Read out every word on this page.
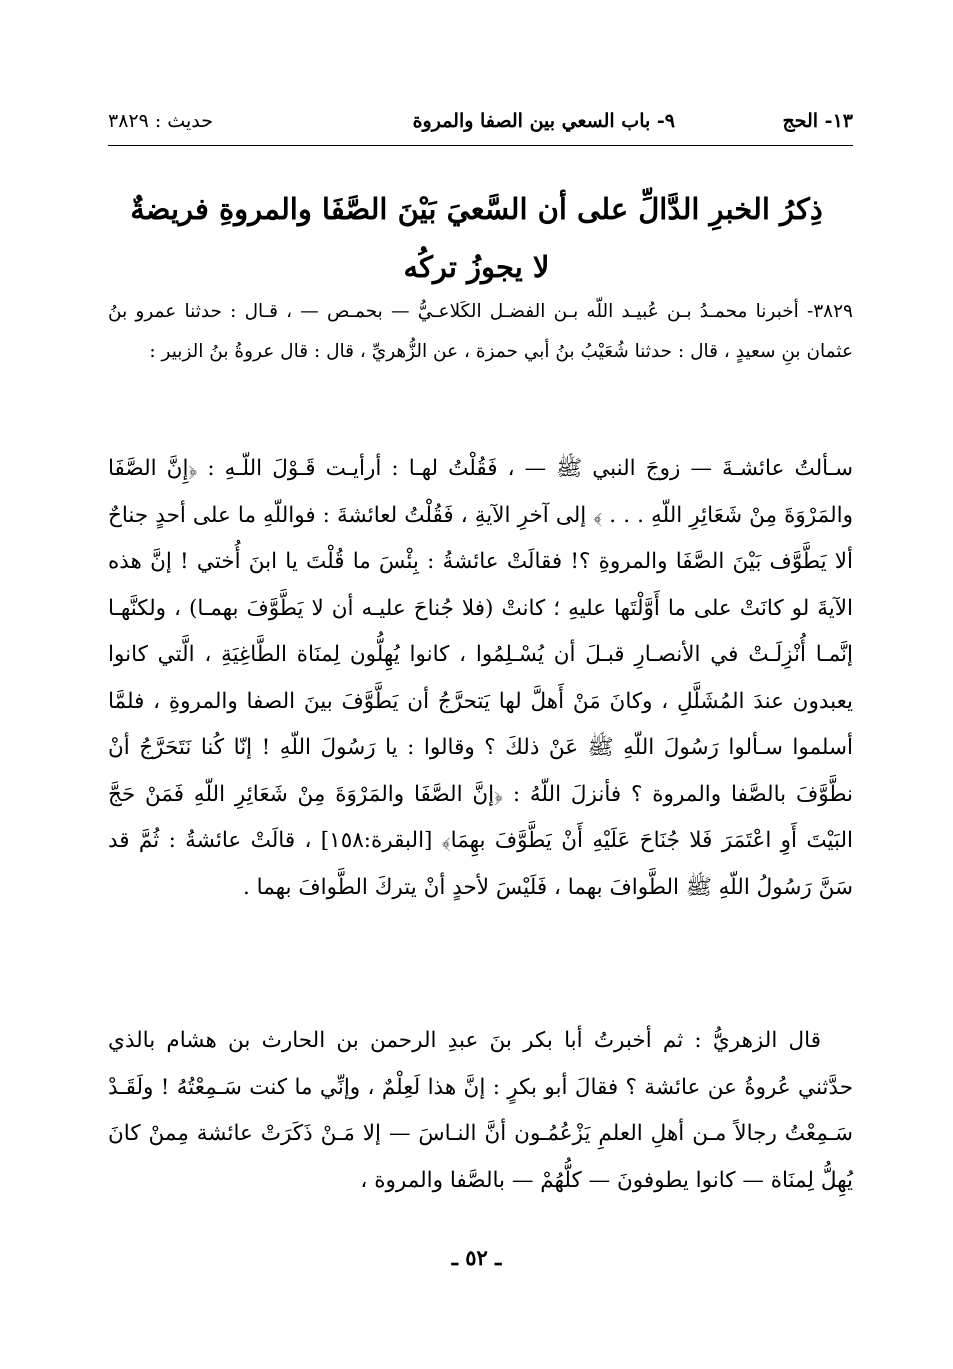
١٣- الحج
٩- باب السعي بين الصفا والمروة
حديث : ٣٨٢٩
ذِكرُ الخبرِ الدَّالِّ على أن السَّعيَ بَيْنَ الصَّفَا والمروةِ فريضةٌ
لا يجوزُ تركُه

٣٨٢٩- أخبرنا محمـدُ بـن عُبيـد اللّه بـن الفضـل الكَلاعـيُّ — بحمـص — ، قـال : حدثنا عمرو بنُ عثمان بنِ سعيدٍ ، قال : حدثنا شُعَيْبُ بنُ أبي حمزة ، عن الزُّهريِّ ، قال : قال عروةُ بنُ الزبير :

سـألتُ عائشـةَ — زوجَ النبي ﷺ — ، فَقُلْتُ لهـا : أرأيـت قَـوْلَ اللّـهِ : ﴿إِنَّ الصَّفَا والمَرْوَةَ مِنْ شَعَائِرِ اللّهِ . . . ﴾ إلى آخرِ الآيةِ ، فَقُلْتُ لعائشةَ : فواللّهِ ما على أحدٍ جناحٌ ألا يَطَّوَّف بَيْنَ الصَّفَا والمروةِ ؟! فقالَتْ عائشةُ : بِئْسَ ما قُلْتَ يا ابنَ أُختي ! إنَّ هذه الآيةَ لو كانَتْ على ما أَوَّلْتَها عليهِ ؛ كانتْ (فلا جُناحَ عليـه أن لا يَطَّوَّفَ بهمـا) ، ولكنَّهـا إنَّمـا أُنْزِلَـتْ في الأنصـارِ قبـلَ أن يُسْـلِمُوا ، كانوا يُهِلُّون لِمنَاة الطَّاغِيَةِ ، الَّتي كانوا يعبدون عندَ المُشَلَّلِ ، وكانَ مَنْ أَهلَّ لها يَتحرَّجُ أن يَطَّوَّفَ بينَ الصفا والمروةِ ، فلمَّا أسلموا سـألوا رَسُولَ اللّهِ ﷺ عَنْ ذلكَ ؟ وقالوا : يا رَسُولَ اللّهِ ! إنّا كُنا نَتَحَرَّجُ أنْ نطَّوَّفَ بالصَّفا والمروة ؟ فأنزلَ اللّهُ : ﴿إنَّ الصَّفَا والمَرْوَةَ مِنْ شَعَائِرِ اللّهِ فَمَنْ حَجَّ البَيْتَ أَوِ اعْتَمَرَ فَلا جُنَاحَ عَلَيْهِ أَنْ يَطَّوَّفَ بهِمَا﴾ [البقرة:١٥٨] ، قالَتْ عائشةُ : ثُمَّ قد سَنَّ رَسُولُ اللّهِ ﷺ الطَّوافَ بهما ، فَلَيْسَ لأحدٍ أنْ يتركَ الطَّوافَ بهما .

قال الزهريُّ : ثم أخبرتُ أبا بكر بنَ عبدِ الرحمن بن الحارث بن هشام بالذي حدَّثني عُروةُ عن عائشة ؟ فقالَ أبو بكرٍ : إنَّ هذا لَعِلْمٌ ، وإنِّي ما كنت سَـمِعْتُهُ ! ولَقَـدْ سَـمِعْتُ رجالاً مـن أهلِ العلمِ يَزْعُمُـون أنَّ النـاسَ — إلا مَـنْ ذَكَرَتْ عائشة مِمنْ كانَ يُهِلُّ لِمنَاة — كانوا يطوفونَ — كلُّهُمْ — بالصَّفا والمروة ،

ـ ٥٢ ـ
